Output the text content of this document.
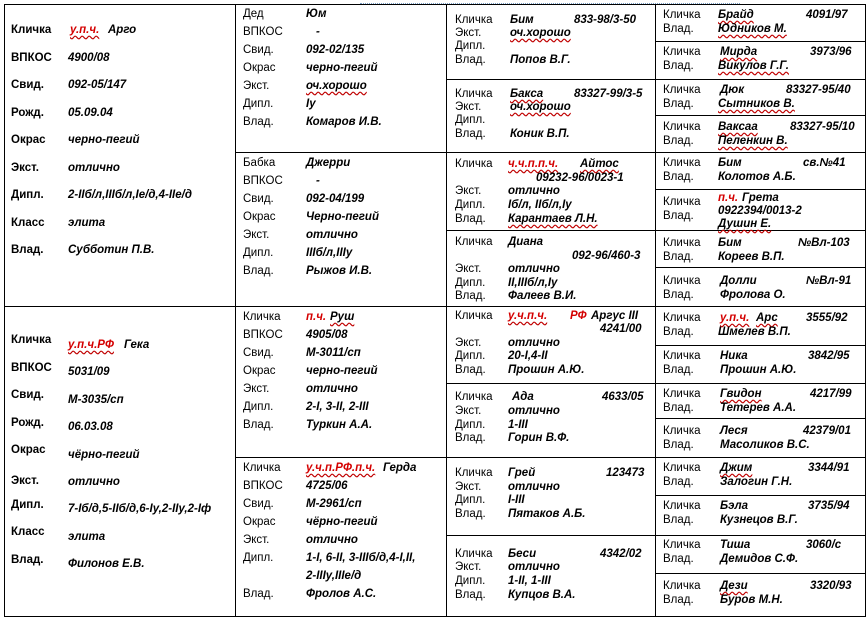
Кличка у.п.ч. Арго
ВПКОС 4900/08
Свид. 092-05/147
Рожд. 05.09.04
Окрас черно-пегий
Экст.	отлично
Дипл. 2-IIб/л,IIIб/л,Iе/д,4-IIе/д
Класс элита
Влад. Субботин П.В.
Кличка у.п.ч.РФ Гека
ВПКОС 5031/09
Свид. М-3035/сп
Рожд. 06.03.08
Окрас чёрно-пегий
Экст.	отлично
Дипл. 7-Iб/д,5-IIб/д,6-Iу,2-IIу,2-Iф
Класс элита
Влад. Филонов Е.В.
Дед	Юм
ВПКОС	-
Свид.	092-02/135
Окрас	черно-пегий
Экст.	оч.хорошо
Дипл.	Iу
Влад.	Комаров И.В.
Бабка	Джерри
ВПКОС	-
Свид.	092-04/199
Окрас	Черно-пегий
Экст.	отлично
Дипл.	IIIб/л,IIIу
Влад.	Рыжов И.В.
Кличка п.ч. Руш
ВПКОС 4905/08
Свид.	М-3011/сп
Окрас	черно-пегий
Экст.	отлично
Дипл.	2-I, 3-II, 2-III
Влад.	Туркин А.А.
Кличка у.ч.п.РФ.п.ч. Герда
ВПКОС 4725/06
Свид.	М-2961/сп
Окрас	чёрно-пегий
Экст.	отлично
Дипл.	1-I, 6-II, 3-IIIб/д,4-I,II,
2-IIIу,IIIе/д
Влад.	Фролов А.С.
Кличка Бим	833-98/3-50
Экст. оч.хорошо
Дипл.
Влад. Попов В.Г.
Кличка Бакса	83327-99/3-5
Экст. оч.хорошо
Дипл.
Влад. Коник В.П.
Кличка ч.ч.п.п.ч. Айтос
09232-96/0023-1
Экст. отлично
Дипл. Iб/л, IIб/л,Iу
Влад. Карантаев Л.Н.
Кличка Диана
092-96/460-3
Экст. отлично
Дипл. II,IIIб/л,Iу
Влад. Фалеев В.И.
Кличка у.ч.п.ч. РФ Аргус III
4241/00
Экст. отлично
Дипл. 20-I,4-II
Влад. Прошин А.Ю.
Кличка Ада	4633/05
Экст. отлично
Дипл. 1-III
Влад. Горин В.Ф.
Кличка Грей	123473
Экст. отлично
Дипл. I-III
Влад. Пятаков А.Б.
Кличка Беси	4342/02
Экст. отлично
Дипл. 1-II, 1-III
Влад. Купцов В.А.
Кличка Брайд	4091/97
Влад. Юдников М.
Кличка Мирда	3973/96
Влад. Викулов Г.Г.
Кличка Дюк	83327-95/40
Влад. Сытников В.
Кличка Ваксаа	83327-95/10
Влад. Пеленкин В.
Кличка Бим	св.№41
Влад. Колотов А.Б.
Кличка п.ч. Грета
0922394/0013-2
Влад.
Душин Е.
Кличка Бим	№Вл-103
Влад. Кореев В.П.
Кличка Долли	№Вл-91
Влад. Фролова О.
Кличка у.п.ч. Арс 3555/92
Влад. Шмелев В.П.
Кличка Ника	3842/95
Влад. Прошин А.Ю.
Кличка Гвидон	4217/99
Влад. Тетерев А.А.
Кличка Леся	42379/01
Влад. Масоликов В.С.
Кличка Джим	3344/91
Влад. Залогин Г.Н.
Кличка Бэла	3735/94
Влад. Кузнецов В.Г.
Кличка Тиша	3060/с
Влад. Демидов С.Ф.
Кличка Дези	3320/93
Влад. Буров М.Н.
